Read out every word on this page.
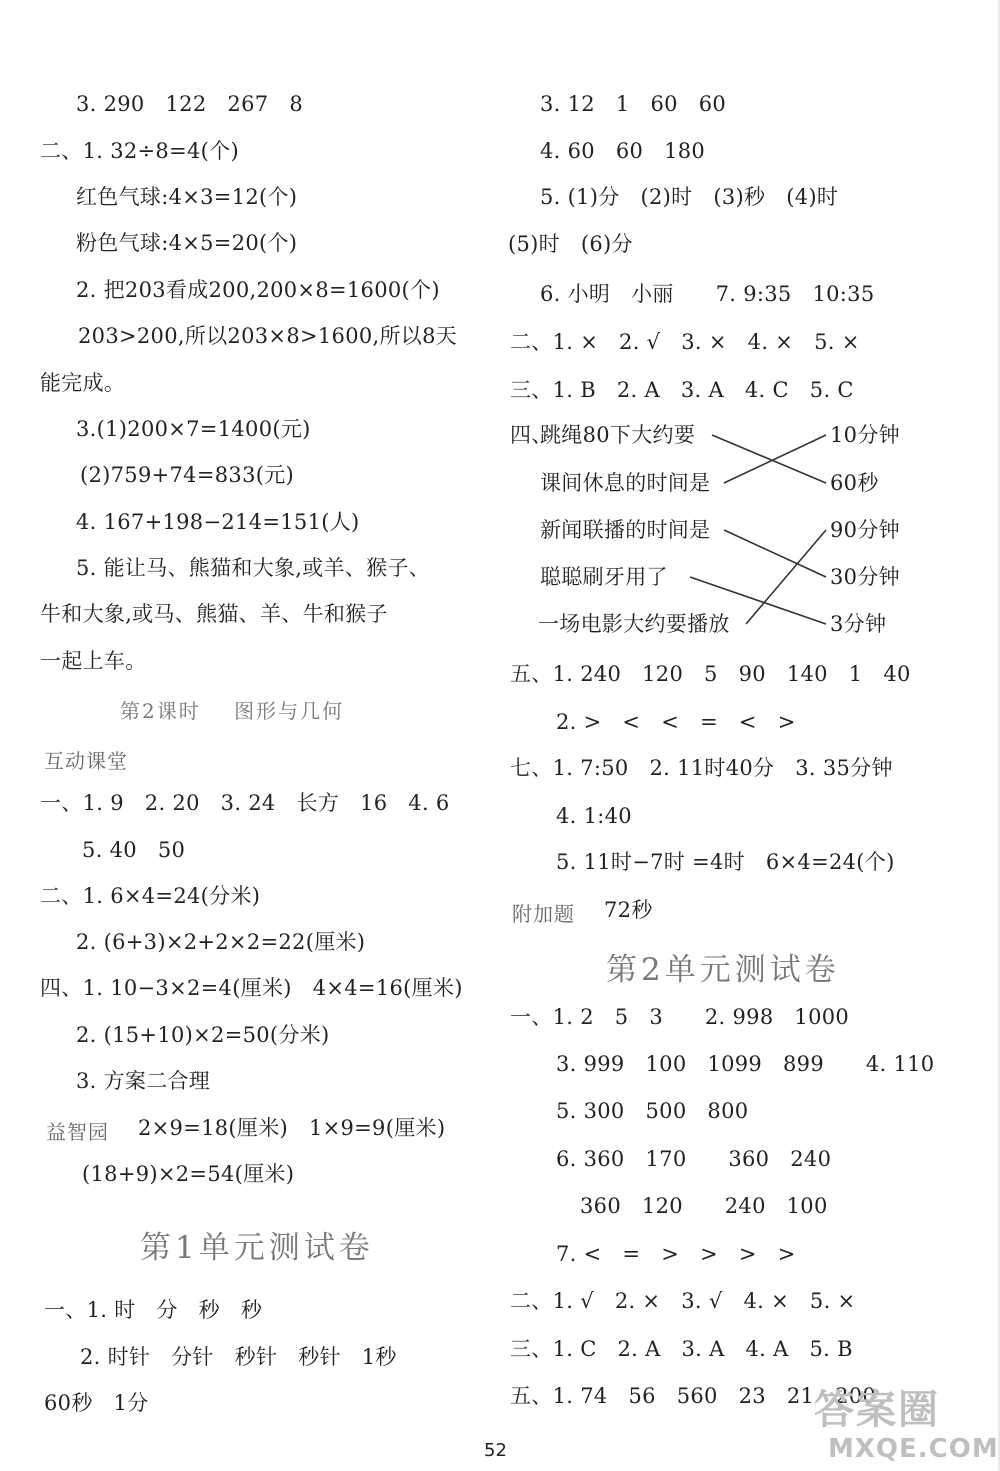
3. 290   122   267   8
二、1. 32÷8=4(个)
红色气球:4×3=12(个)
粉色气球:4×5=20(个)
2. 把203看成200,200×8=1600(个)
203>200,所以203×8>1600,所以8天
能完成。
3.(1)200×7=1400(元)
(2)759+74=833(元)
4. 167+198−214=151(人)
5. 能让马、熊猫和大象,或羊、猴子、
牛和大象,或马、熊猫、羊、牛和猴子
一起上车。
第2课时    图形与几何
互动课堂
一、1. 9   2. 20   3. 24   长方   16   4. 6
5. 40   50
二、1. 6×4=24(分米)
2. (6+3)×2+2×2=22(厘米)
四、1. 10−3×2=4(厘米)   4×4=16(厘米)
2. (15+10)×2=50(分米)
3. 方案二合理
益智园 2×9=18(厘米)   1×9=9(厘米)
(18+9)×2=54(厘米)
第1单元测试卷
一、1. 时   分   秒   秒
2. 时针   分针   秒针   秒针   1秒
60秒   1分
3. 12   1   60   60
4. 60   60   180
5. (1)分   (2)时   (3)秒   (4)时
(5)时   (6)分
6. 小明   小丽      7. 9:35   10:35
二、1. ×   2. √   3. ×   4. ×   5. ×
三、1. B   2. A   3. A   4. C   5. C
四、
跳绳80下大约要
课间休息的时间是
新闻联播的时间是
聪聪刷牙用了
一场电影大约要播放
10分钟
60秒
90分钟
30分钟
3分钟
五、1. 240   120   5   90   140   1   40
2. >   <   <   =   <   >
七、1. 7:50   2. 11时40分   3. 35分钟
4. 1:40
5. 11时−7时 =4时   6×4=24(个)
附加题 72秒
第2单元测试卷
一、1. 2   5   3      2. 998   1000
3. 999   100   1099   899      4. 110
5. 300   500   800
6. 360   170      360   240
360   120      240   100
7. <   =   >   >   >   >
二、1. √   2. ×   3. √   4. ×   5. ×
三、1. C   2. A   3. A   4. A   5. B
五、1. 74   56   560   23   21   200
52
答案圈
MXQE.COM
